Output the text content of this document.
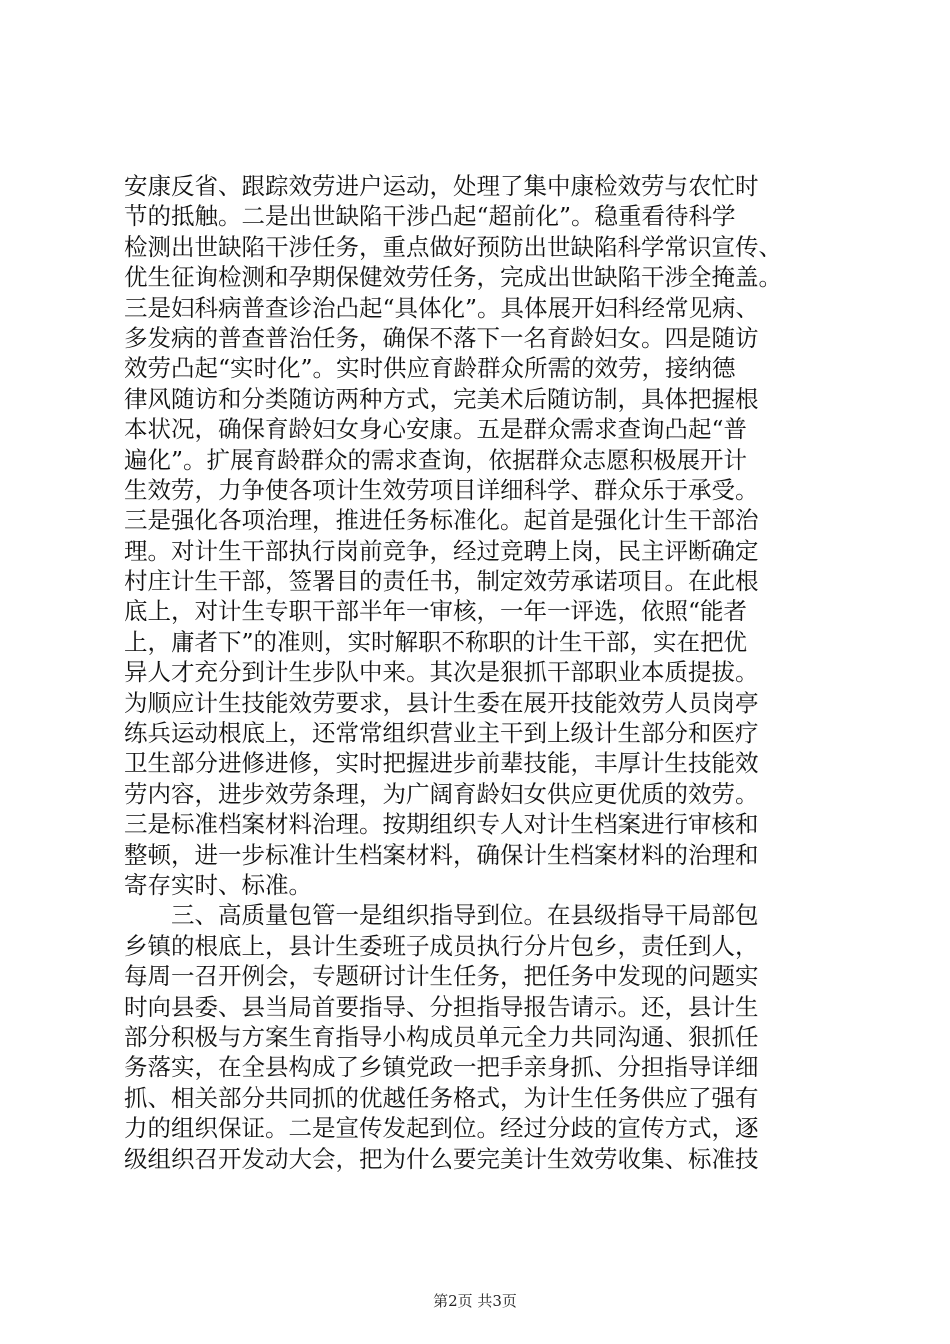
安康反省、跟踪效劳进户运动，处理了集中康检效劳与农忙时
节的抵触。二是出世缺陷干涉凸起“超前化”。稳重看待科学
检测出世缺陷干涉任务，重点做好预防出世缺陷科学常识宣传、
优生征询检测和孕期保健效劳任务，完成出世缺陷干涉全掩盖。
三是妇科病普查诊治凸起“具体化”。具体展开妇科经常见病、
多发病的普查普治任务，确保不落下一名育龄妇女。四是随访
效劳凸起“实时化”。实时供应育龄群众所需的效劳，接纳德
律风随访和分类随访两种方式，完美术后随访制，具体把握根
本状况，确保育龄妇女身心安康。五是群众需求查询凸起“普
遍化”。扩展育龄群众的需求查询，依据群众志愿积极展开计
生效劳，力争使各项计生效劳项目详细科学、群众乐于承受。
三是强化各项治理，推进任务标准化。起首是强化计生干部治
理。对计生干部执行岗前竞争，经过竞聘上岗，民主评断确定
村庄计生干部，签署目的责任书，制定效劳承诺项目。在此根
底上，对计生专职干部半年一审核，一年一评选，依照“能者
上，庸者下”的准则，实时解职不称职的计生干部，实在把优
异人才充分到计生步队中来。其次是狠抓干部职业本质提拔。
为顺应计生技能效劳要求，县计生委在展开技能效劳人员岗亭
练兵运动根底上，还常常组织营业主干到上级计生部分和医疗
卫生部分进修进修，实时把握进步前辈技能，丰厚计生技能效
劳内容，进步效劳条理，为广阔育龄妇女供应更优质的效劳。
三是标准档案材料治理。按期组织专人对计生档案进行审核和
整顿，进一步标准计生档案材料，确保计生档案材料的治理和
寄存实时、标准。
三、高质量包管一是组织指导到位。在县级指导干局部包
乡镇的根底上，县计生委班子成员执行分片包乡，责任到人，
每周一召开例会，专题研讨计生任务，把任务中发现的问题实
时向县委、县当局首要指导、分担指导报告请示。还，县计生
部分积极与方案生育指导小构成员单元全力共同沟通、狠抓任
务落实，在全县构成了乡镇党政一把手亲身抓、分担指导详细
抓、相关部分共同抓的优越任务格式，为计生任务供应了强有
力的组织保证。二是宣传发起到位。经过分歧的宣传方式，逐
级组织召开发动大会，把为什么要完美计生效劳收集、标准技
第2页 共3页
